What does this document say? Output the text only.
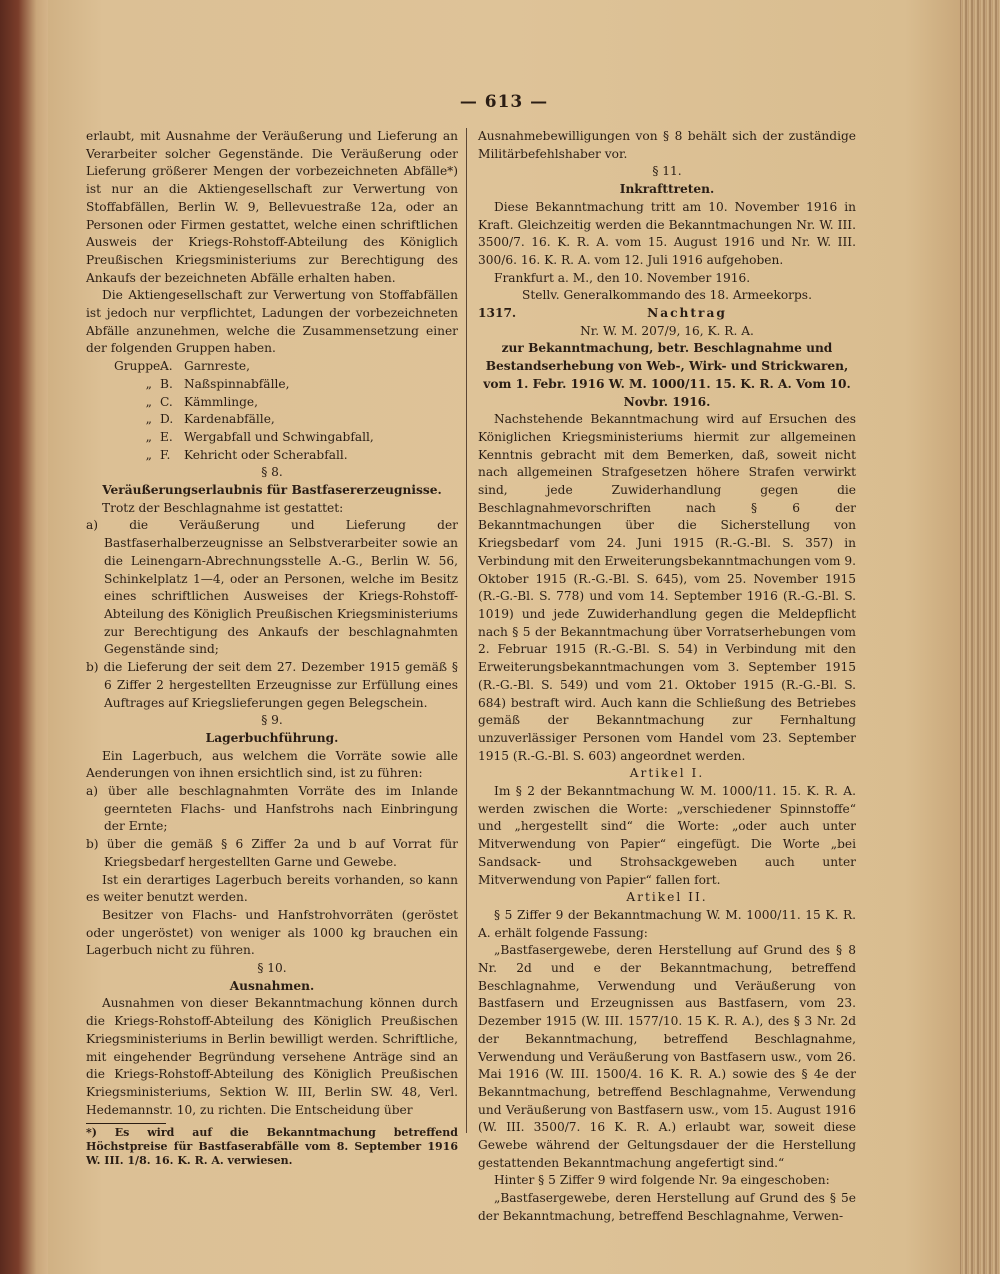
— 613 —

erlaubt, mit Ausnahme der Veräußerung und Lieferung an Verarbeiter solcher Gegenstände. Die Veräußerung oder Lieferung größerer Mengen der vorbezeichneten Abfälle*) ist nur an die Aktiengesellschaft zur Verwertung von Stoffabfällen, Berlin W. 9, Bellevuestraße 12a, oder an Personen oder Firmen gestattet, welche einen schriftlichen Ausweis der Kriegs-Rohstoff-Abteilung des Königlich Preußischen Kriegsministeriums zur Berechtigung des Ankaufs der bezeichneten Abfälle erhalten haben.

Die Aktiengesellschaft zur Verwertung von Stoffabfällen ist jedoch nur verpflichtet, Ladungen der vorbezeichneten Abfälle anzunehmen, welche die Zusammensetzung einer der folgenden Gruppen haben.

Gruppe A. Garnreste,
„ B. Naßspinnabfälle,
„ C. Kämmlinge,
„ D. Kardenabfälle,
„ E. Wergabfall und Schwingabfall,
„ F.	Kehricht oder Scherabfall.

§ 8.

Veräußerungserlaubnis für Bastfasererzeugnisse.

Trotz der Beschlagnahme ist gestattet:

a) die Veräußerung und Lieferung der Bastfaserhalberzeugnisse an Selbstverarbeiter sowie an die Leinengarn-Abrechnungsstelle A.-G., Berlin W. 56, Schinkelplatz 1—4, oder an Personen, welche im Besitz eines schriftlichen Ausweises der Kriegs-Rohstoff-Abteilung des Königlich Preußischen Kriegsministeriums zur Berechtigung des Ankaufs der beschlagnahmten Gegenstände sind;

b) die Lieferung der seit dem 27. Dezember 1915 gemäß § 6 Ziffer 2 hergestellten Erzeugnisse zur Erfüllung eines Auftrages auf Kriegslieferungen gegen Belegschein.

§ 9.

Lagerbuchführung.

Ein Lagerbuch, aus welchem die Vorräte sowie alle Aenderungen von ihnen ersichtlich sind, ist zu führen:

a) über alle beschlagnahmten Vorräte des im Inlande geernteten Flachs- und Hanfstrohs nach Einbringung der Ernte;

b) über die gemäß § 6 Ziffer 2a und b auf Vorrat für Kriegsbedarf hergestellten Garne und Gewebe.

Ist ein derartiges Lagerbuch bereits vorhanden, so kann es weiter benutzt werden.

Besitzer von Flachs- und Hanfstrohvorräten (geröstet oder ungeröstet) von weniger als 1000 kg brauchen ein Lagerbuch nicht zu führen.

§ 10.

Ausnahmen.

Ausnahmen von dieser Bekanntmachung können durch die Kriegs-Rohstoff-Abteilung des Königlich Preußischen Kriegsministeriums in Berlin bewilligt werden. Schriftliche, mit eingehender Begründung versehene Anträge sind an die Kriegs-Rohstoff-Abteilung des Königlich Preußischen Kriegsministeriums, Sektion W. III, Berlin SW. 48, Verl. Hedemannstr. 10, zu richten. Die Entscheidung über

*) Es wird auf die Bekanntmachung betreffend Höchstpreise für Bastfaserabfälle vom 8. September 1916 W. III. 1/8. 16. K. R. A. verwiesen.

Ausnahmebewilligungen von § 8 behält sich der zuständige Militärbefehlshaber vor.

§ 11.

Inkrafttreten.

Diese Bekanntmachung tritt am 10. November 1916 in Kraft. Gleichzeitig werden die Bekanntmachungen Nr. W. III. 3500/7. 16. K. R. A. vom 15. August 1916 und Nr. W. III. 300/6. 16. K. R. A. vom 12. Juli 1916 aufgehoben.

Frankfurt a. M., den 10. November 1916.

Stellv. Generalkommando des 18. Armeekorps.

1317.	Nachtrag

Nr. W. M. 207/9, 16, K. R. A.

zur Bekanntmachung, betr. Beschlagnahme und Bestandserhebung von Web-, Wirk- und Strickwaren, vom 1. Febr. 1916 W. M. 1000/11. 15. K. R. A. Vom 10. Novbr. 1916.

Nachstehende Bekanntmachung wird auf Ersuchen des Königlichen Kriegsministeriums hiermit zur allgemeinen Kenntnis gebracht mit dem Bemerken, daß, soweit nicht nach allgemeinen Strafgesetzen höhere Strafen verwirkt sind, jede Zuwiderhandlung gegen die Beschlagnahmevorschriften nach § 6 der Bekanntmachungen über die Sicherstellung von Kriegsbedarf vom 24. Juni 1915 (R.-G.-Bl. S. 357) in Verbindung mit den Erweiterungsbekanntmachungen vom 9. Oktober 1915 (R.-G.-Bl. S. 645), vom 25. November 1915 (R.-G.-Bl. S. 778) und vom 14. September 1916 (R.-G.-Bl. S. 1019) und jede Zuwiderhandlung gegen die Meldepflicht nach § 5 der Bekanntmachung über Vorratserhebungen vom 2. Februar 1915 (R.-G.-Bl. S. 54) in Verbindung mit den Erweiterungsbekanntmachungen vom 3. September 1915 (R.-G.-Bl. S. 549) und vom 21. Oktober 1915 (R.-G.-Bl. S. 684) bestraft wird. Auch kann die Schließung des Betriebes gemäß der Bekanntmachung zur Fernhaltung unzuverlässiger Personen vom Handel vom 23. September 1915 (R.-G.-Bl. S. 603) angeordnet werden.

Artikel I.

Im § 2 der Bekanntmachung W. M. 1000/11. 15. K. R. A. werden zwischen die Worte: „verschiedener Spinnstoffe“ und „hergestellt sind“ die Worte: „oder auch unter Mitverwendung von Papier“ eingefügt. Die Worte „bei Sandsack- und Strohsackgeweben auch unter Mitverwendung von Papier“ fallen fort.

Artikel II.

§ 5 Ziffer 9 der Bekanntmachung W. M. 1000/11. 15 K. R. A. erhält folgende Fassung:

„Bastfasergewebe, deren Herstellung auf Grund des § 8 Nr. 2d und e der Bekanntmachung, betreffend Beschlagnahme, Verwendung und Veräußerung von Bastfasern und Erzeugnissen aus Bastfasern, vom 23. Dezember 1915 (W. III. 1577/10. 15 K. R. A.), des § 3 Nr. 2d der Bekanntmachung, betreffend Beschlagnahme, Verwendung und Veräußerung von Bastfasern usw., vom 26. Mai 1916 (W. III. 1500/4. 16 K. R. A.) sowie des § 4e der Bekanntmachung, betreffend Beschlagnahme, Verwendung und Veräußerung von Bastfasern usw., vom 15. August 1916 (W. III. 3500/7. 16 K. R. A.) erlaubt war, soweit diese Gewebe während der Geltungsdauer der die Herstellung gestattenden Bekanntmachung angefertigt sind.“

Hinter § 5 Ziffer 9 wird folgende Nr. 9a eingeschoben:

„Bastfasergewebe, deren Herstellung auf Grund des § 5e der Bekanntmachung, betreffend Beschlagnahme, Verwen-
